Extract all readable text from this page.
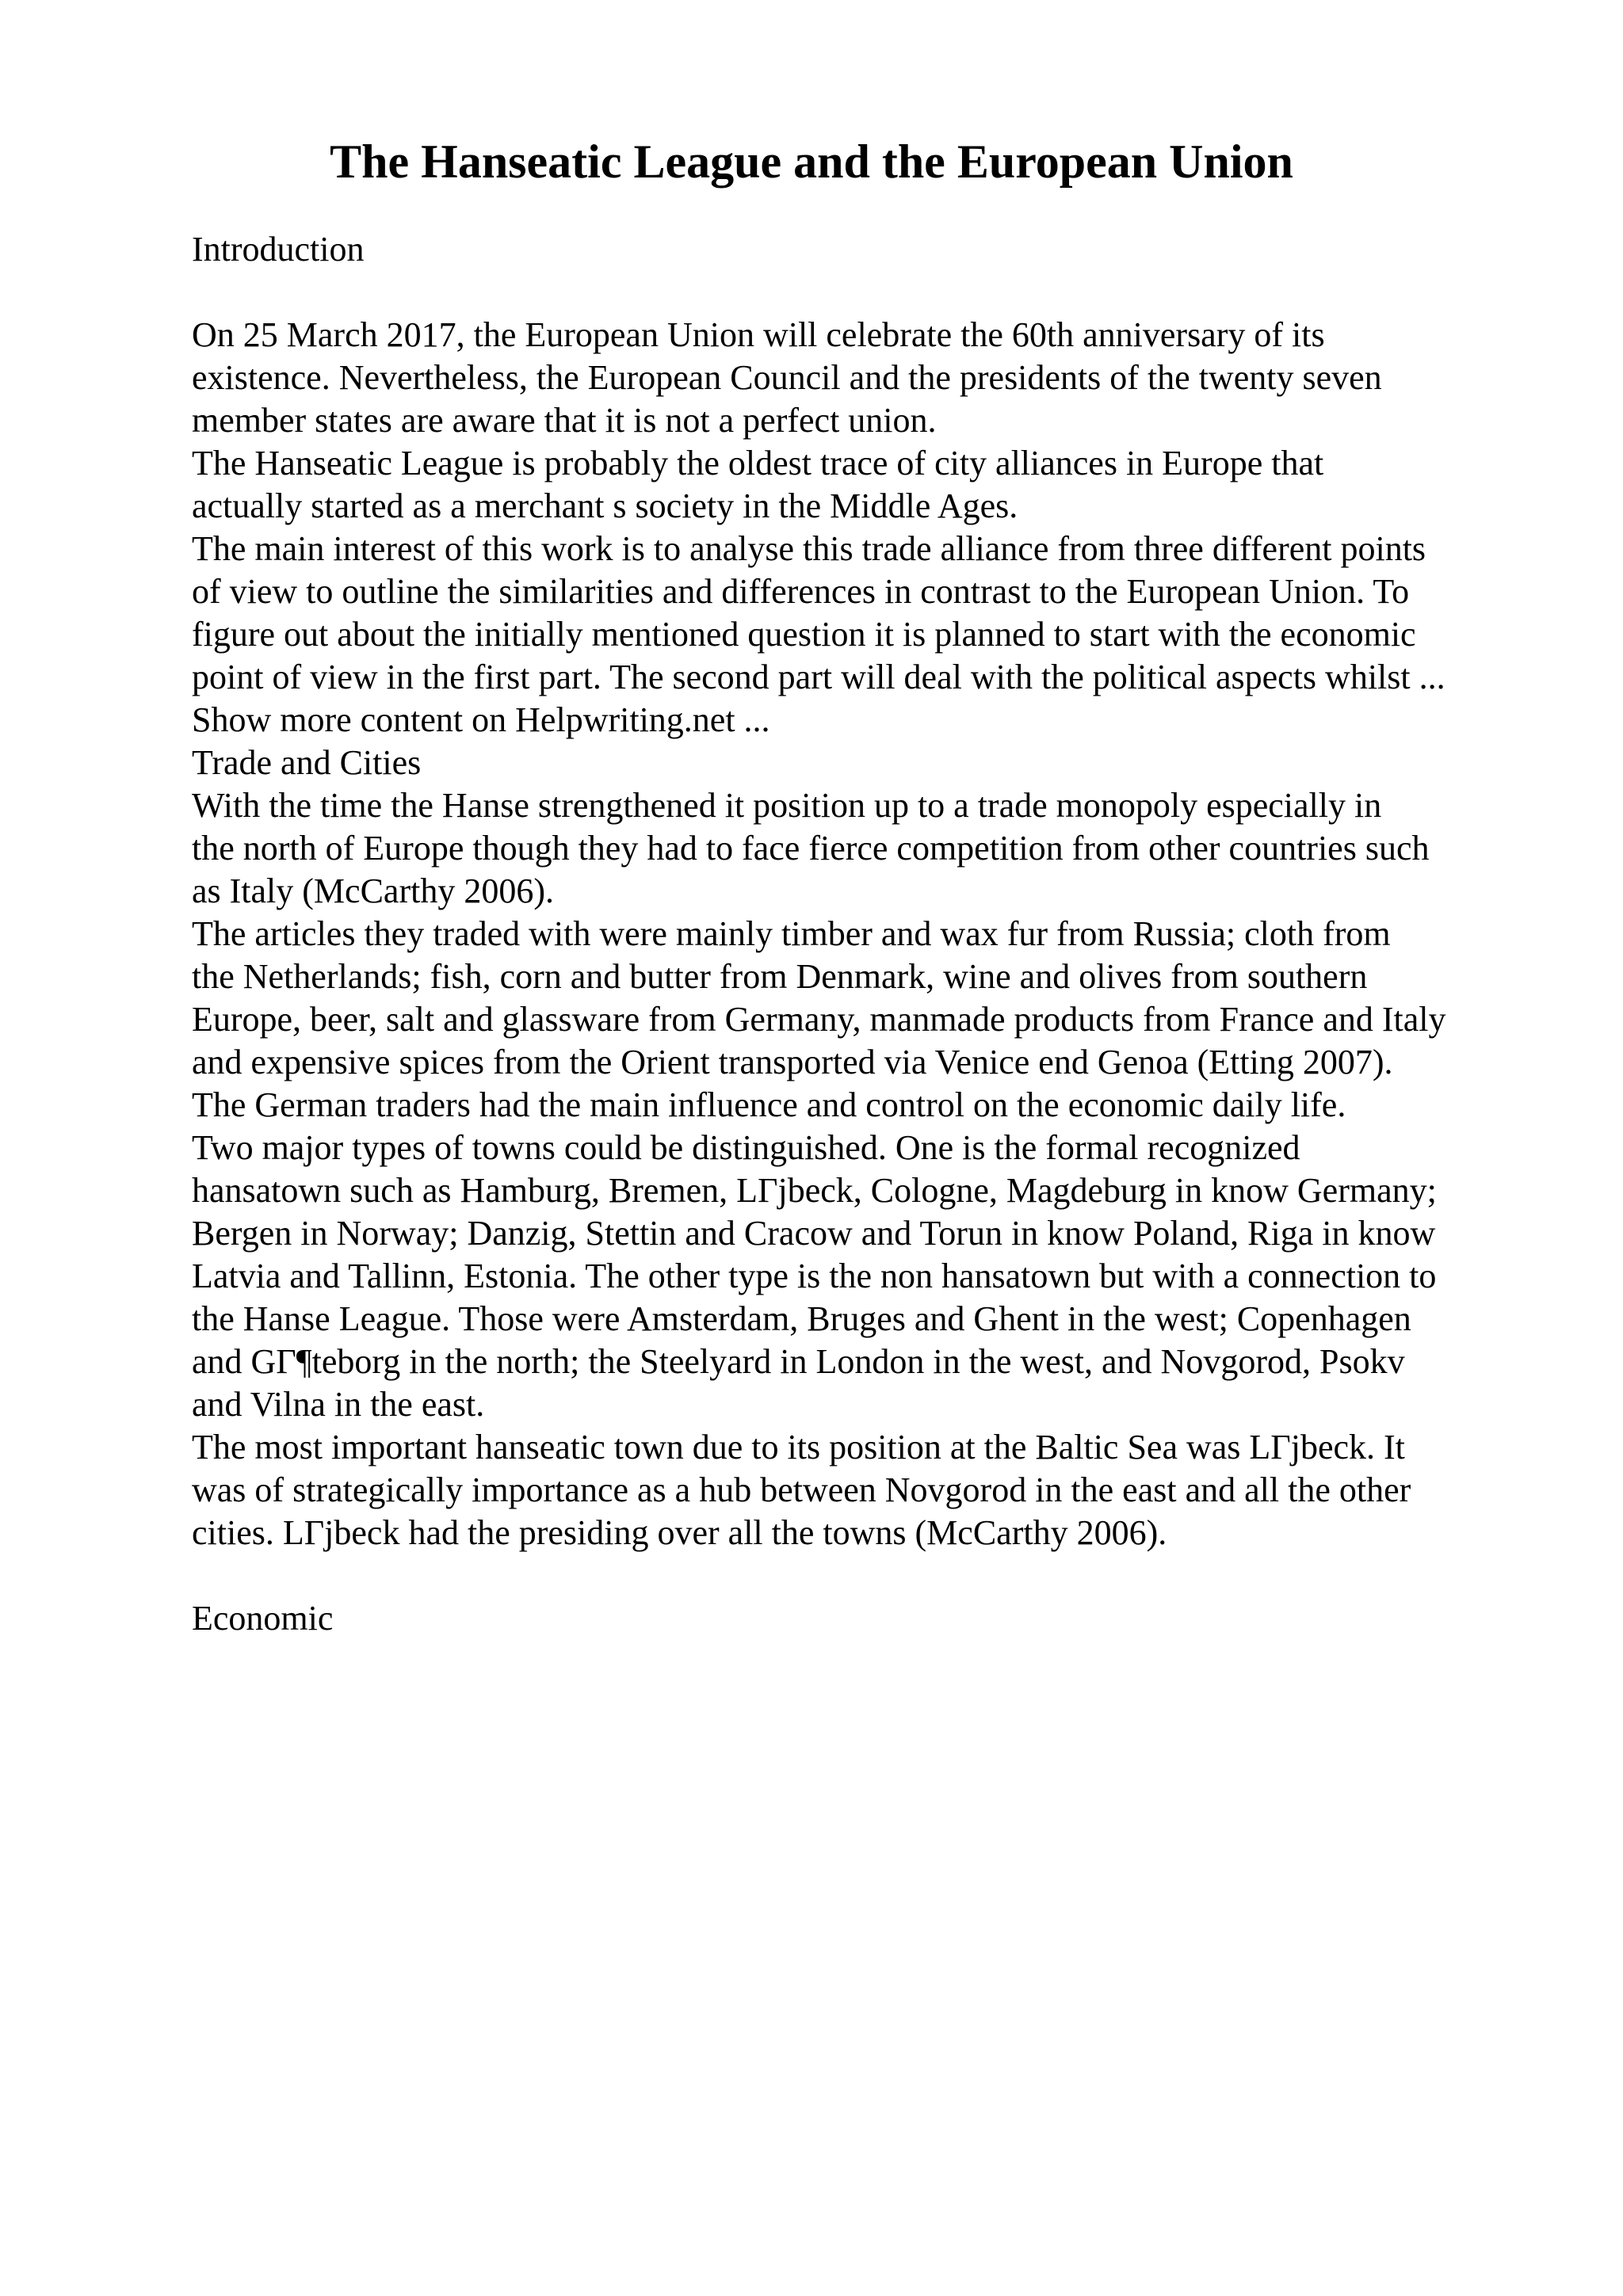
The Hanseatic League and the European Union
Introduction
On 25 March 2017, the European Union will celebrate the 60th anniversary of its
existence. Nevertheless, the European Council and the presidents of the twenty seven
member states are aware that it is not a perfect union.
The Hanseatic League is probably the oldest trace of city alliances in Europe that
actually started as a merchant s society in the Middle Ages.
The main interest of this work is to analyse this trade alliance from three different points
of view to outline the similarities and differences in contrast to the European Union. To
figure out about the initially mentioned question it is planned to start with the economic
point of view in the first part. The second part will deal with the political aspects whilst ...
Show more content on Helpwriting.net ...
Trade and Cities
With the time the Hanse strengthened it position up to a trade monopoly especially in
the north of Europe though they had to face fierce competition from other countries such
as Italy (McCarthy 2006).
The articles they traded with were mainly timber and wax fur from Russia; cloth from
the Netherlands; fish, corn and butter from Denmark, wine and olives from southern
Europe, beer, salt and glassware from Germany, manmade products from France and Italy
and expensive spices from the Orient transported via Venice end Genoa (Etting 2007).
The German traders had the main influence and control on the economic daily life.
Two major types of towns could be distinguished. One is the formal recognized
hansatown such as Hamburg, Bremen, LΓjbeck, Cologne, Magdeburg in know Germany;
Bergen in Norway; Danzig, Stettin and Cracow and Torun in know Poland, Riga in know
Latvia and Tallinn, Estonia. The other type is the non hansatown but with a connection to
the Hanse League. Those were Amsterdam, Bruges and Ghent in the west; Copenhagen
and GΓ¶teborg in the north; the Steelyard in London in the west, and Novgorod, Psokv
and Vilna in the east.
The most important hanseatic town due to its position at the Baltic Sea was LΓjbeck. It
was of strategically importance as a hub between Novgorod in the east and all the other
cities. LΓjbeck had the presiding over all the towns (McCarthy 2006).
Economic
